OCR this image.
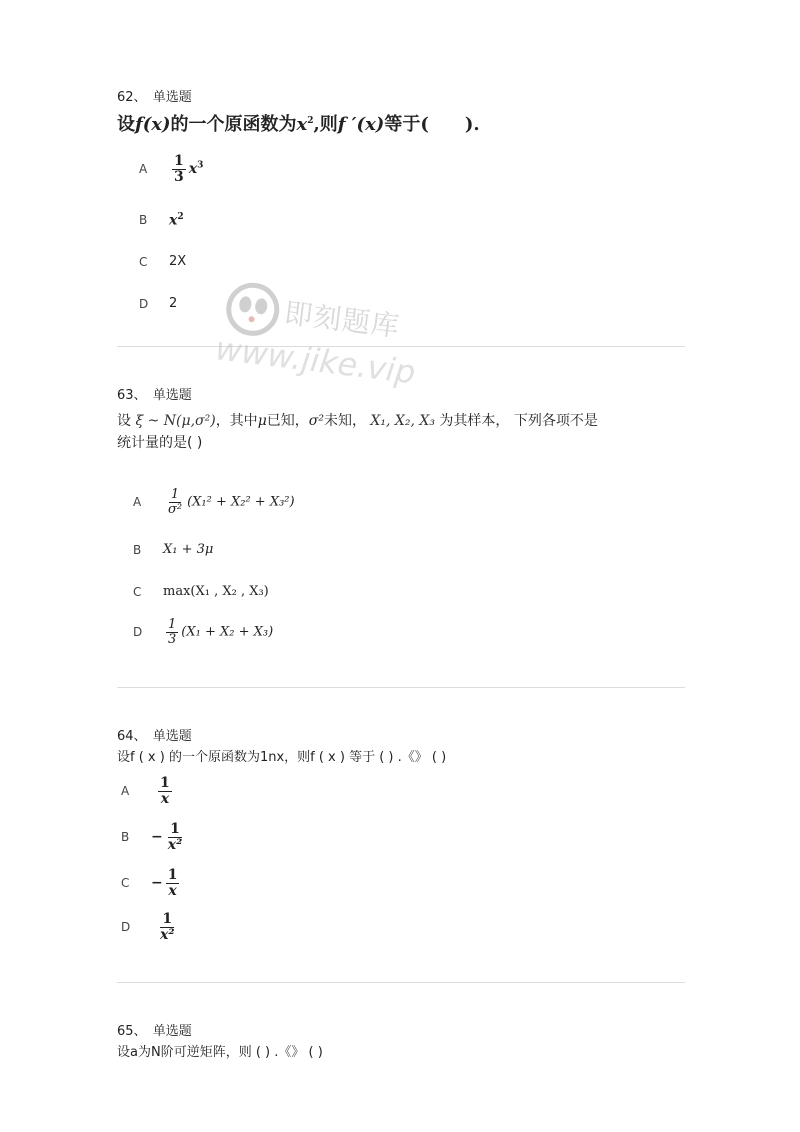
62、 单选题
设f(x)的一个原函数为$x^2$,则f ′(x)等于(　　).
A	$\frac{1}{3} x^3$
B	$x^2$
C	2X
D	2	即刻题库
www.jike.vip
63、 单选题
设 ξ ~ N(μ,σ²)，其中μ已知，σ²未知， X₁, X₂, X₃ 为其样本， 下列各项不是
统计量的是( )
A	$\frac{1}{\text{σ²}} (X_1^2 + X_2^2 + X_3^2)$
B	X₁ + 3μ
C	max(X₁ , X₂ , X₃)
D	$\frac{1}{3} (X_1 + X_2 + X_3)$
64、 单选题
设f ( x ) 的一个原函数为1nx，则f ( x ) 等于 ( ) .《》 ( )
A	$\frac{1}{x}$
B	− $\frac{1}{\text{x²}}$
C	− $\frac{1}{x}$
D	$\frac{1}{\text{x²}}$
65、 单选题
设a为N阶可逆矩阵，则 ( ) .《》 ( )
